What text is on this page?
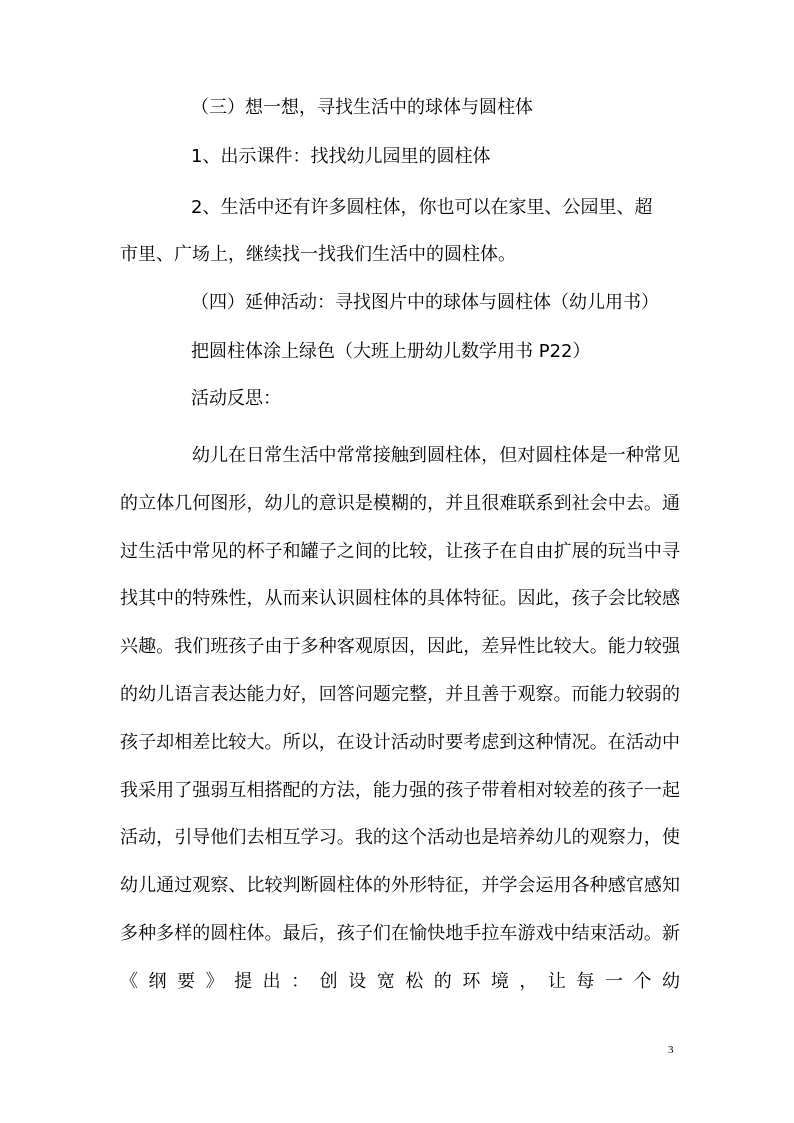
（三）想一想，寻找生活中的球体与圆柱体

1、出示课件：找找幼儿园里的圆柱体

2、生活中还有许多圆柱体，你也可以在家里、公园里、超

市里、广场上，继续找一找我们生活中的圆柱体。

（四）延伸活动：寻找图片中的球体与圆柱体（幼儿用书）

把圆柱体涂上绿色（大班上册幼儿数学用书 P22）

活动反思：

幼儿在日常生活中常常接触到圆柱体，但对圆柱体是一种常见的立体几何图形，幼儿的意识是模糊的，并且很难联系到社会中去。通过生活中常见的杯子和罐子之间的比较，让孩子在自由扩展的玩当中寻找其中的特殊性，从而来认识圆柱体的具体特征。因此，孩子会比较感兴趣。我们班孩子由于多种客观原因，因此，差异性比较大。能力较强的幼儿语言表达能力好，回答问题完整，并且善于观察。而能力较弱的孩子却相差比较大。所以，在设计活动时要考虑到这种情况。在活动中我采用了强弱互相搭配的方法，能力强的孩子带着相对较差的孩子一起活动，引导他们去相互学习。我的这个活动也是培养幼儿的观察力，使幼儿通过观察、比较判断圆柱体的外形特征，并学会运用各种感官感知多种多样的圆柱体。最后，孩子们在愉快地手拉车游戏中结束活动。新《纲要》提出：创设宽松的环境，让每一个幼

3
